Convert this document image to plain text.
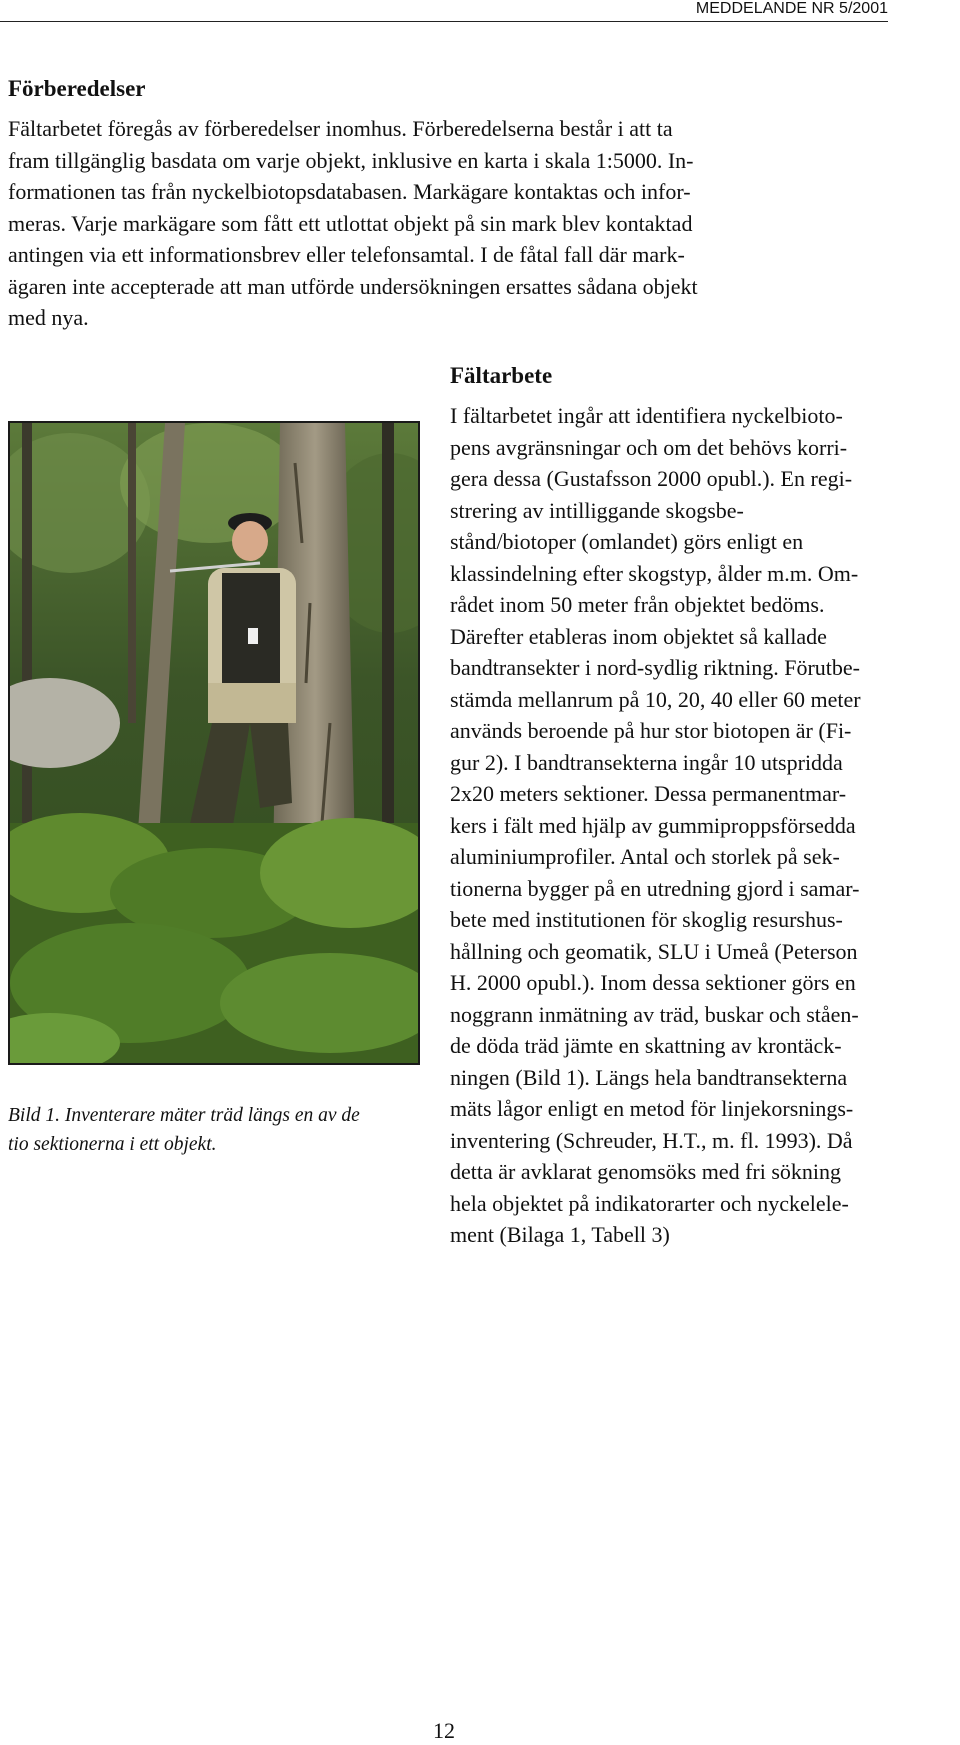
MEDDELANDE NR 5/2001
Förberedelser
Fältarbetet föregås av förberedelser inomhus. Förberedelserna består i att ta
fram tillgänglig basdata om varje objekt, inklusive en karta i skala 1:5000. In-
formationen tas från nyckelbiotopsdatabasen. Markägare kontaktas och infor-
meras. Varje markägare som fått ett utlottat objekt på sin mark blev kontaktad
antingen via ett informationsbrev eller telefonsamtal. I de fåtal fall där mark-
ägaren inte accepterade att man utförde undersökningen ersattes sådana objekt
med nya.

Bild 1. Inventerare mäter träd längs en av de
tio sektionerna i ett objekt.

Fältarbete
I fältarbetet ingår att identifiera nyckelbioto-
pens avgränsningar och om det behövs korri-
gera dessa (Gustafsson 2000 opubl.). En regi-
strering av intilliggande skogsbe-
stånd/biotoper (omlandet) görs enligt en
klassindelning efter skogstyp, ålder m.m. Om-
rådet inom 50 meter från objektet bedöms.
Därefter etableras inom objektet så kallade
bandtransekter i nord-sydlig riktning. Förutbe-
stämda mellanrum på 10, 20, 40 eller 60 meter
används beroende på hur stor biotopen är (Fi-
gur 2). I bandtransekterna ingår 10 utspridda
2x20 meters sektioner. Dessa permanentmar-
kers i fält med hjälp av gummiproppsförsedda
aluminiumprofiler. Antal och storlek på sek-
tionerna bygger på en utredning gjord i samar-
bete med institutionen för skoglig resurshus-
hållning och geomatik, SLU i Umeå (Peterson
H. 2000 opubl.). Inom dessa sektioner görs en
noggrann inmätning av träd, buskar och ståen-
de döda träd jämte en skattning av krontäck-
ningen (Bild 1). Längs hela bandtransekterna
mäts lågor enligt en metod för linjekorsnings-
inventering (Schreuder, H.T., m. fl. 1993). Då
detta är avklarat genomsöks med fri sökning
hela objektet på indikatorarter och nyckelele-
ment (Bilaga 1, Tabell 3)
12
